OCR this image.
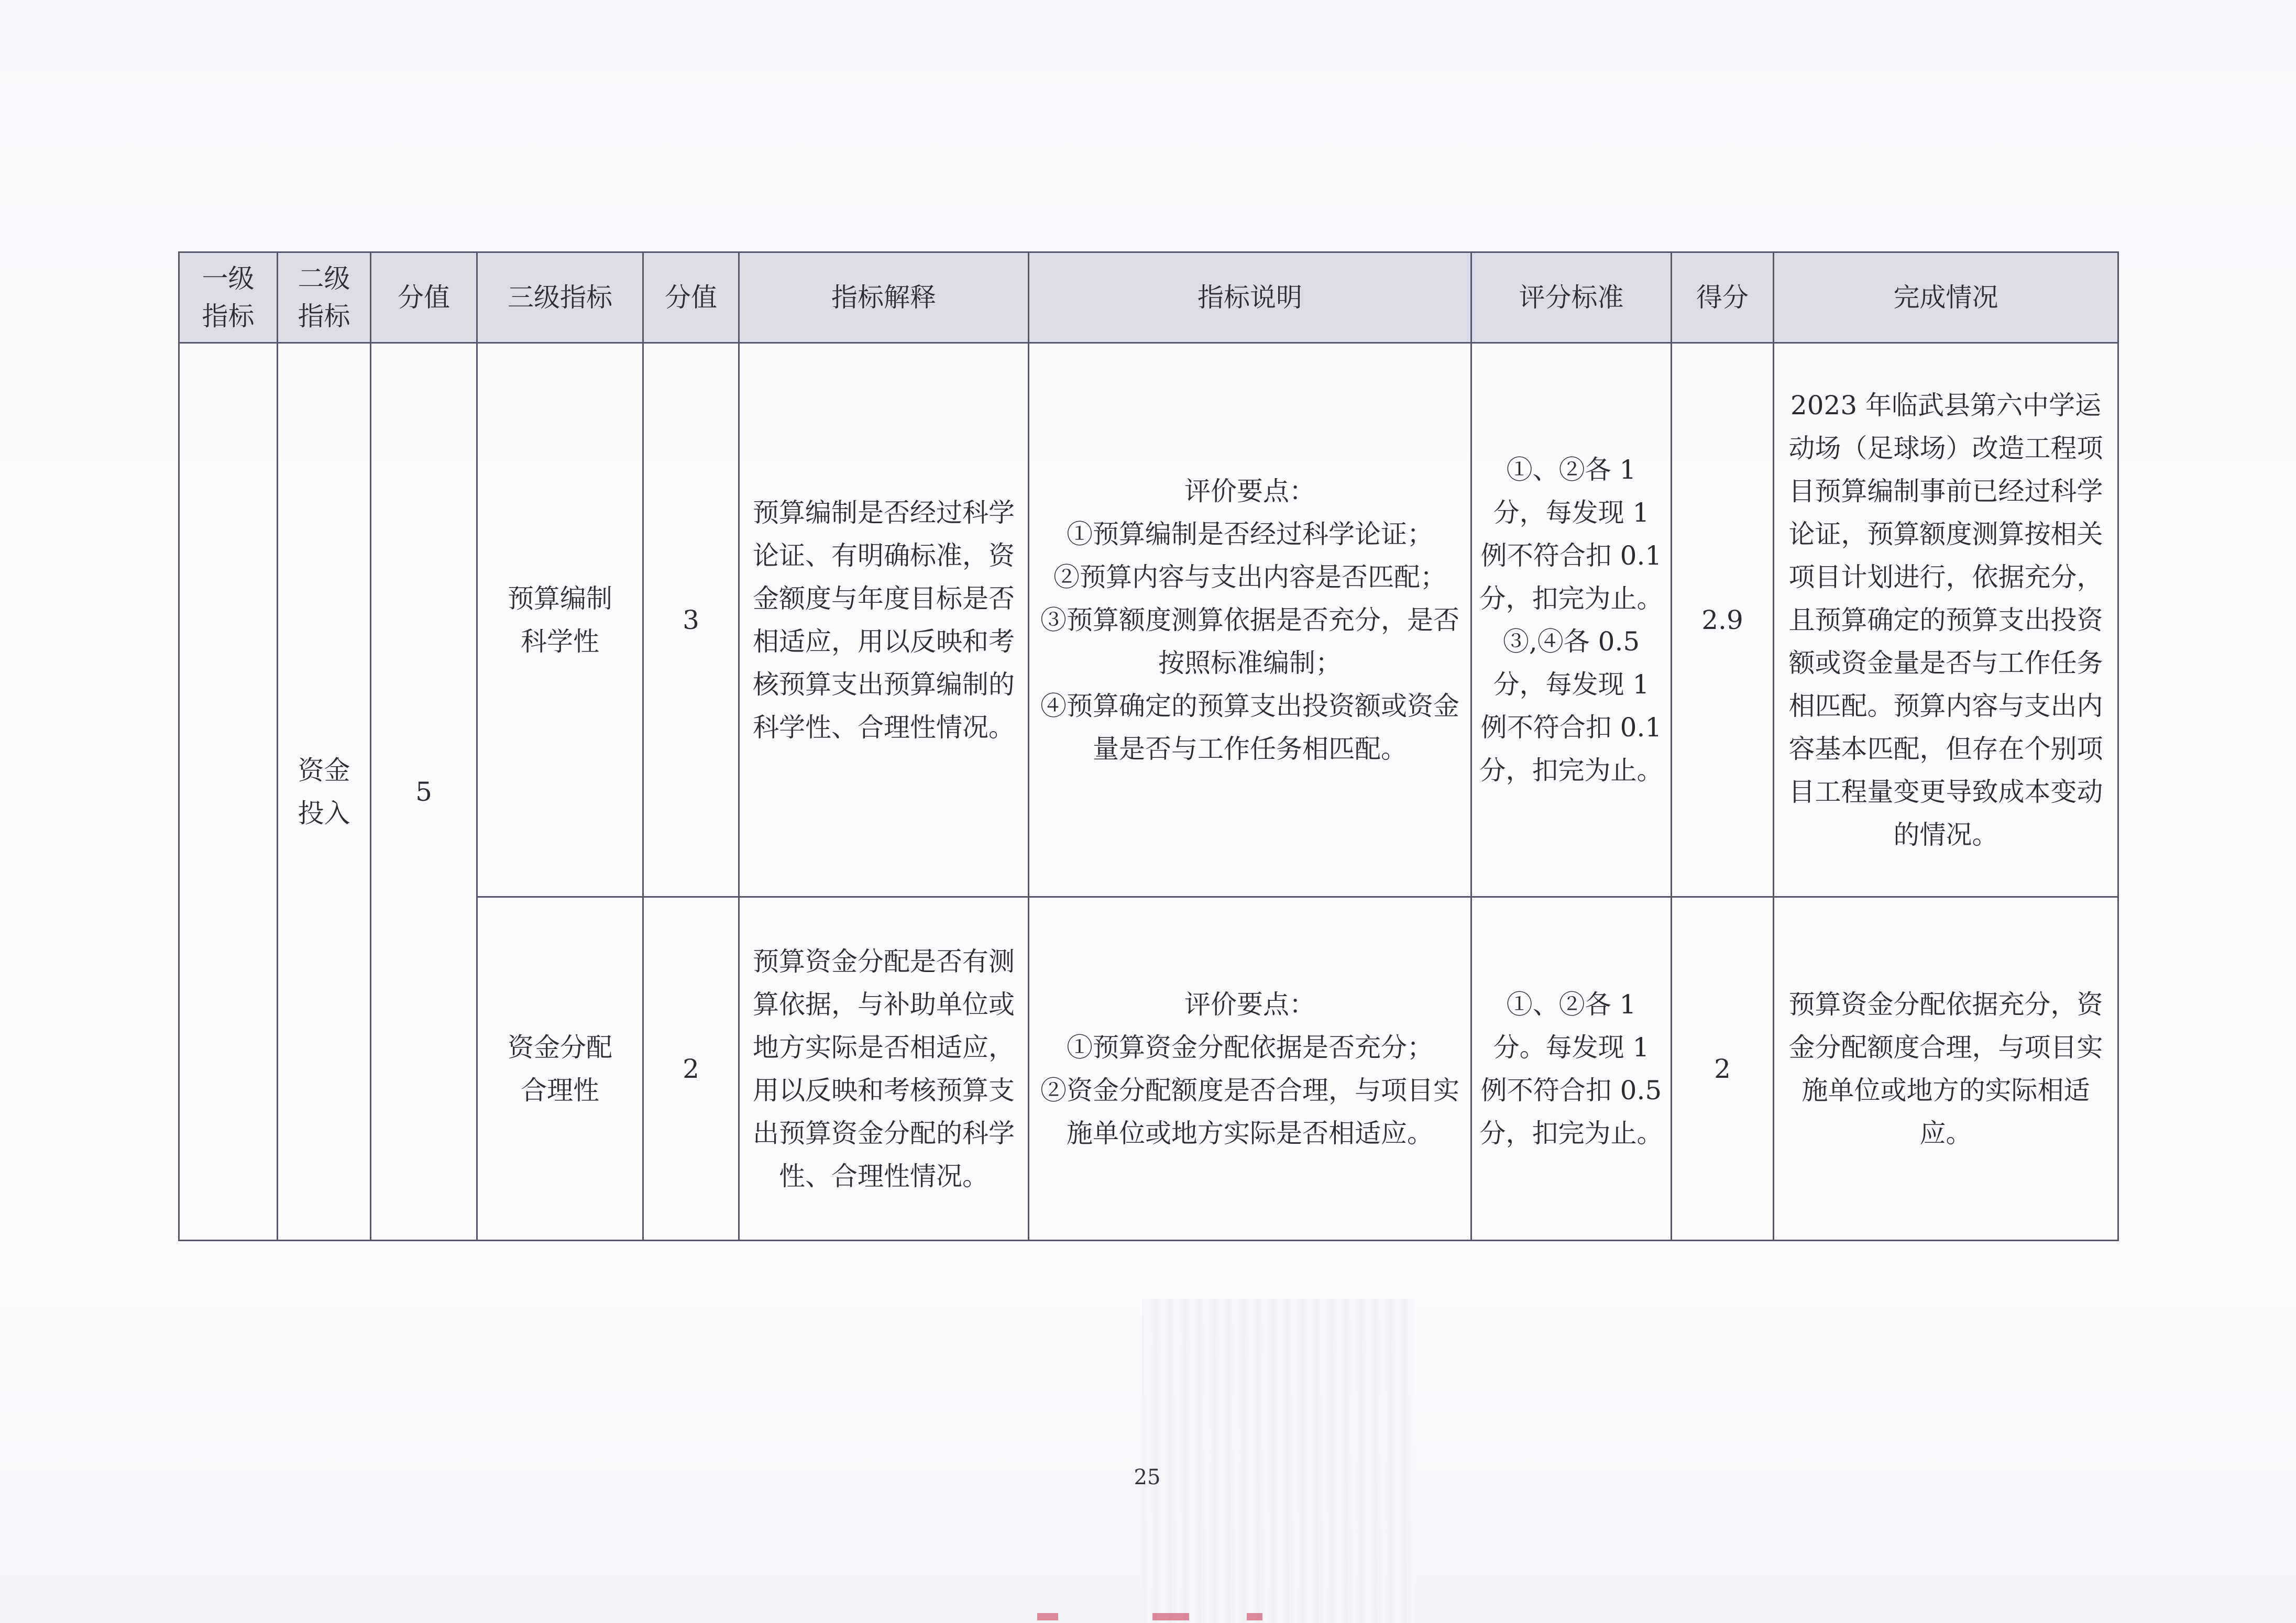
一级
指标	二级
指标	分值	三级指标	分值	指标解释	指标说明	评分标准	得分	完成情况
	资金
投入	5	预算编制
科学性	3	预算编制是否经过科学论证、有明确标准，资金额度与年度目标是否相适应，用以反映和考核预算支出预算编制的科学性、合理性情况。	评价要点：
①预算编制是否经过科学论证；
②预算内容与支出内容是否匹配；
③预算额度测算依据是否充分，是否按照标准编制；
④预算确定的预算支出投资额或资金量是否与工作任务相匹配。	①、②各 1 分，每发现 1 例不符合扣 0.1 分，扣完为止。③,④各 0.5 分，每发现 1 例不符合扣 0.1 分，扣完为止。	2.9	2023 年临武县第六中学运动场（足球场）改造工程项目预算编制事前已经过科学论证，预算额度测算按相关项目计划进行，依据充分，且预算确定的预算支出投资额或资金量是否与工作任务相匹配。预算内容与支出内容基本匹配，但存在个别项目工程量变更导致成本变动的情况。
			资金分配
合理性	2	预算资金分配是否有测算依据，与补助单位或地方实际是否相适应，用以反映和考核预算支出预算资金分配的科学性、合理性情况。	评价要点：
①预算资金分配依据是否充分；
②资金分配额度是否合理，与项目实施单位或地方实际是否相适应。	①、②各 1 分。每发现 1 例不符合扣 0.5 分，扣完为止。	2	预算资金分配依据充分，资金分配额度合理，与项目实施单位或地方的实际相适应。
25
